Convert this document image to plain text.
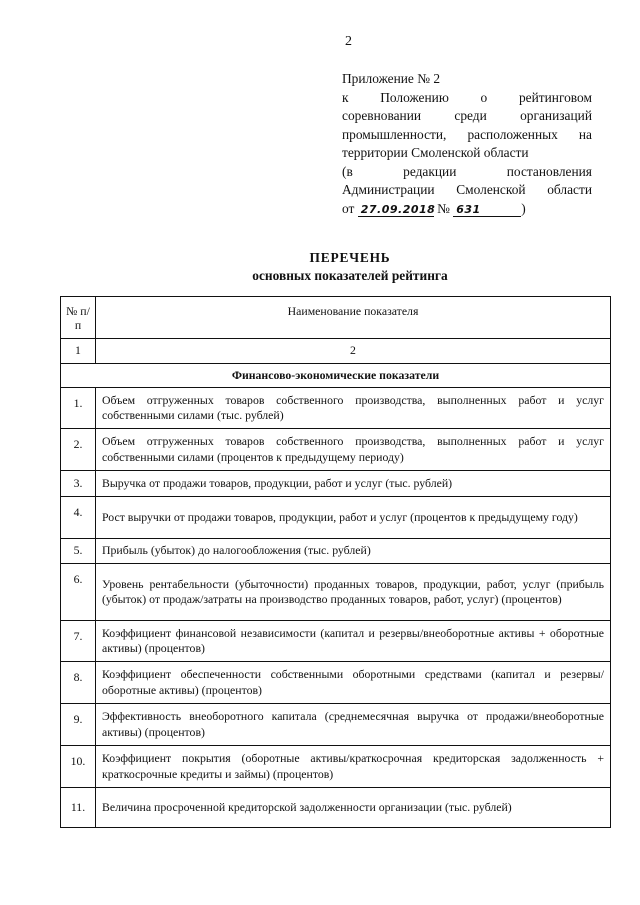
2
Приложение № 2
к Положению о рейтинговом
соревновании среди организаций
промышленности, расположенных на
территории Смоленской области
(в	редакции	постановления
Администрации Смоленской области
от
27.09.2018
№
631	)
ПЕРЕЧЕНЬ
основных показателей рейтинга
№ п/п
Наименование показателя
1	2
Финансово-экономические показатели
1.	Объем отгруженных товаров собственного производства, выполненных работ и услуг собственными силами (тыс. рублей)
2.	Объем отгруженных товаров собственного производства, выполненных работ и услуг собственными силами (процентов к предыдущему периоду)
3.	Выручка от продажи товаров, продукции, работ и услуг (тыс. рублей)
4.	Рост выручки от продажи товаров, продукции, работ и услуг (процентов к предыдущему году)
5.	Прибыль (убыток) до налогообложения (тыс. рублей)
6.	Уровень рентабельности (убыточности) проданных товаров, продукции, работ, услуг (прибыль (убыток) от продаж/затраты на производство проданных товаров, работ, услуг) (процентов)
7.	Коэффициент финансовой независимости (капитал и резервы/внеоборотные активы + оборотные активы) (процентов)
8.	Коэффициент обеспеченности собственными оборотными средствами (капитал и резервы/оборотные активы) (процентов)
9.	Эффективность внеоборотного капитала (среднемесячная выручка от продажи/внеоборотные активы) (процентов)
10.	Коэффициент покрытия (оборотные активы/краткосрочная кредиторская задолженность + краткосрочные кредиты и займы) (процентов)
11.	Величина просроченной кредиторской задолженности организации (тыс. рублей)
